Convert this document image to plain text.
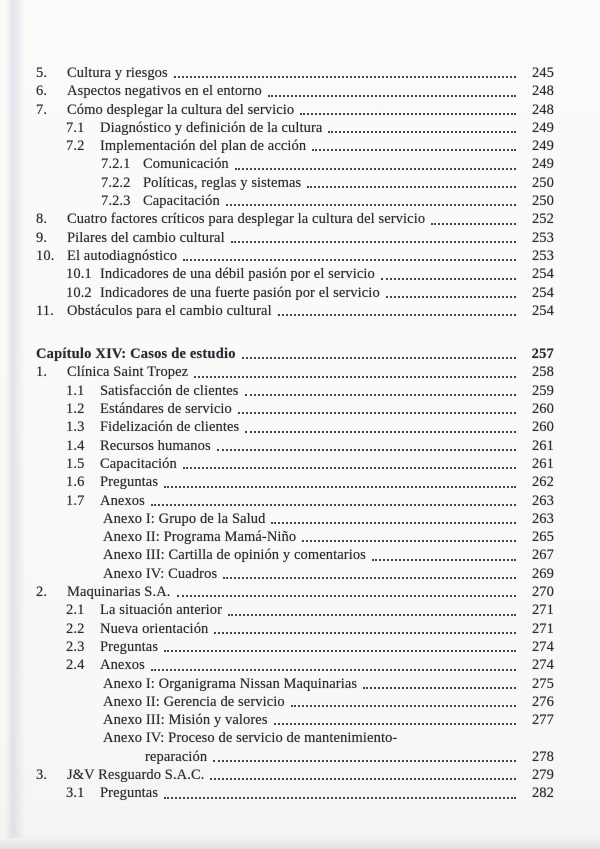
5.	Cultura y riesgos	245
6.	Aspectos negativos en el entorno	248
7.	Cómo desplegar la cultura del servicio	248
7.1	Diagnóstico y definición de la cultura	249
7.2	Implementación del plan de acción	249
7.2.1 Comunicación	249
7.2.2 Políticas, reglas y sistemas	250
7.2.3 Capacitación	250
8.	Cuatro factores críticos para desplegar la cultura del servicio	252
9.	Pilares del cambio cultural	253
10. El autodiagnóstico	253
10.1 Indicadores de una débil pasión por el servicio	254
10.2 Indicadores de una fuerte pasión por el servicio	254
11. Obstáculos para el cambio cultural	254
Capítulo XIV: Casos de estudio	257
1.	Clínica Saint Tropez	258
1.1	Satisfacción de clientes	259
1.2	Estándares de servicio	260
1.3	Fidelización de clientes	260
1.4	Recursos humanos	261
1.5	Capacitación	261
1.6	Preguntas	262
1.7	Anexos	263
Anexo I: Grupo de la Salud	263
Anexo II: Programa Mamá-Niño	265
Anexo III: Cartilla de opinión y comentarios	267
Anexo IV: Cuadros	269
2.	Maquinarias S.A.	270
2.1	La situación anterior	271
2.2	Nueva orientación	271
2.3	Preguntas	274
2.4	Anexos	274
Anexo I: Organigrama Nissan Maquinarias	275
Anexo II: Gerencia de servicio	276
Anexo III: Misión y valores	277
Anexo IV: Proceso de servicio de mantenimiento-
reparación	278
3.	J&V Resguardo S.A.C.	279
3.1	Preguntas	282
